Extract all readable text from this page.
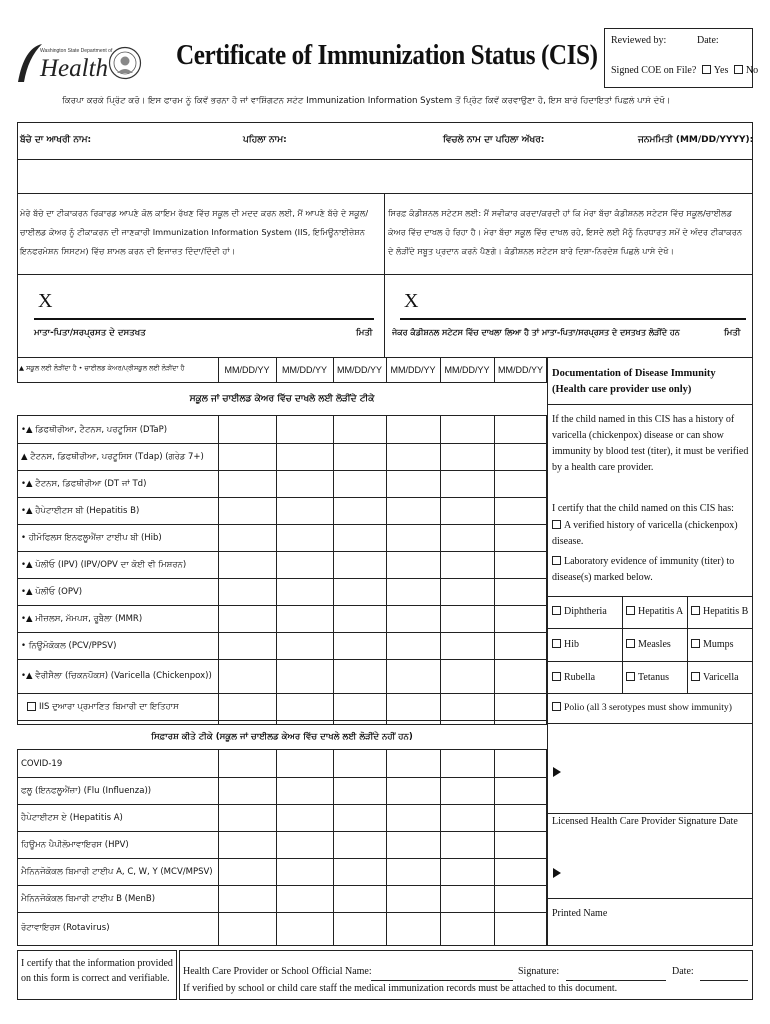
Washington State Department of
Health Certificate of Immunization Status (CIS) Reviewed by:	Date:
Signed COE on File? Yes No
ਕਿਰਪਾ ਕਰਕੇ ਪ੍ਰਿੰਟ ਕਰੋ। ਇਸ ਫਾਰਮ ਨੂੰ ਕਿਵੇਂ ਭਰਨਾ ਹੈ ਜਾਂ ਵਾਸ਼ਿੰਗਟਨ ਸਟੇਟ Immunization Information System ਤੋਂ ਪ੍ਰਿੰਟ ਕਿਵੇਂ ਕਰਵਾਉਣਾ ਹੈ, ਇਸ ਬਾਰੇ ਹਿਦਾਇਤਾਂ ਪਿਛਲੇ ਪਾਸੇ ਦੇਖੋ।
ਬੱਚੇ ਦਾ ਆਖਰੀ ਨਾਮ:	ਪਹਿਲਾ ਨਾਮ:	ਵਿਚਲੇ ਨਾਮ ਦਾ ਪਹਿਲਾ ਅੱਖਰ:	ਜਨਮਮਿਤੀ (MM/DD/YYYY):
ਮੇਰੇ ਬੱਚੇ ਦਾ ਟੀਕਾਕਰਨ ਰਿਕਾਰਡ ਆਪਣੇ ਕੋਲ ਕਾਇਮ ਰੱਖਣ ਵਿੱਚ ਸਕੂਲ ਦੀ ਮਦਦ ਕਰਨ ਲਈ, ਮੈਂ ਆਪਣੇ ਬੱਚੇ ਦੇ ਸਕੂਲ/ਚਾਈਲਡ ਕੇਅਰ ਨੂੰ ਟੀਕਾਕਰਨ ਦੀ ਜਾਣਕਾਰੀ Immunization Information System (IIS, ਇਮਿਊਨਾਈਜ਼ੇਸ਼ਨ ਇਨਫਰਮੇਸ਼ਨ ਸਿਸਟਮ) ਵਿੱਚ ਸ਼ਾਮਲ ਕਰਨ ਦੀ ਇਜਾਜ਼ਤ ਦਿੰਦਾ/ਦਿੰਦੀ ਹਾਂ।
ਸਿਰਫ਼ ਕੰਡੀਸ਼ਨਲ ਸਟੇਟਸ ਲਈ: ਮੈਂ ਸਵੀਕਾਰ ਕਰਦਾ/ਕਰਦੀ ਹਾਂ ਕਿ ਮੇਰਾ ਬੱਚਾ ਕੰਡੀਸ਼ਨਲ ਸਟੇਟਸ ਵਿੱਚ ਸਕੂਲ/ਚਾਈਲਡ ਕੇਅਰ ਵਿੱਚ ਦਾਖਲ ਹੋ ਰਿਹਾ ਹੈ। ਮੇਰਾ ਬੱਚਾ ਸਕੂਲ ਵਿੱਚ ਦਾਖਲ ਰਹੇ, ਇਸਦੇ ਲਈ ਮੈਨੂੰ ਨਿਰਧਾਰਤ ਸਮੇਂ ਦੇ ਅੰਦਰ ਟੀਕਾਕਰਨ ਦੇ ਲੋੜੀਂਦੇ ਸਬੂਤ ਪ੍ਰਦਾਨ ਕਰਨੇ ਪੈਣਗੇ। ਕੰਡੀਸ਼ਨਲ ਸਟੇਟਸ ਬਾਰੇ ਦਿਸ਼ਾ-ਨਿਰਦੇਸ਼ ਪਿਛਲੇ ਪਾਸੇ ਦੇਖੋ।
X
ਮਾਤਾ-ਪਿਤਾ/ਸਰਪ੍ਰਸਤ ਦੇ ਦਸਤਖਤ	ਮਿਤੀ
X
ਜੇਕਰ ਕੰਡੀਸ਼ਨਲ ਸਟੇਟਸ ਵਿੱਚ ਦਾਖਲਾ ਲਿਆ ਹੈ ਤਾਂ ਮਾਤਾ-ਪਿਤਾ/ਸਰਪ੍ਰਸਤ ਦੇ ਦਸਤਖਤ ਲੋੜੀਂਦੇ ਹਨ	ਮਿਤੀ
▲ ਸਕੂਲ ਲਈ ਲੋੜੀਂਦਾ ਹੈ • ਚਾਈਲਡ ਕੇਅਰ/ਪ੍ਰੀਸਕੂਲ ਲਈ ਲੋੜੀਂਦਾ ਹੈ	MM/DD/YY	MM/DD/YY	MM/DD/YY MM/DD/YY	MM/DD/YY MM/DD/YY
ਸਕੂਲ ਜਾਂ ਚਾਈਲਡ ਕੇਅਰ ਵਿੱਚ ਦਾਖਲੇ ਲਈ ਲੋੜੀਂਦੇ ਟੀਕੇ
•▲ ਡਿਫਥੀਰੀਆ, ਟੈਟਨਸ, ਪਰਟੂਸਿਸ (DTaP)
▲ ਟੈਟਨਸ, ਡਿਫਥੀਰੀਆ, ਪਰਟੂਸਿਸ (Tdap) (ਗਰੇਡ 7+)
•▲ ਟੈਟਨਸ, ਡਿਫਥੀਰੀਆ (DT ਜਾਂ Td)
•▲ ਹੈਪੇਟਾਈਟਸ ਬੀ (Hepatitis B)
• ਹੀਮੋਫਿਲਸ ਇਨਫਲੂਐਂਜ਼ਾ ਟਾਈਪ ਬੀ (Hib)
•▲ ਪੋਲੀਓ (IPV) (IPV/OPV ਦਾ ਕੋਈ ਵੀ ਮਿਸ਼ਰਨ)
•▲ ਪੋਲੀਓ (OPV)
•▲ ਮੀਜ਼ਲਸ, ਮੱਮਪਸ, ਰੂਬੈਲਾ (MMR)
• ਨਿਊਮੋਕੋਕਲ (PCV/PPSV)
•▲ ਵੈਰੀਸੈਲਾ (ਚਿਕਨਪੌਕਸ) (Varicella (Chickenpox))
IIS ਦੁਆਰਾ ਪ੍ਰਮਾਣਿਤ ਬਿਮਾਰੀ ਦਾ ਇਤਿਹਾਸ
ਸਿਫ਼ਾਰਸ਼ ਕੀਤੇ ਟੀਕੇ (ਸਕੂਲ ਜਾਂ ਚਾਈਲਡ ਕੇਅਰ ਵਿੱਚ ਦਾਖਲੇ ਲਈ ਲੋੜੀਂਦੇ ਨਹੀਂ ਹਨ)
COVID-19
ਫਲੂ (ਇਨਫਲੂਐਂਜ਼ਾ) (Flu (Influenza))
ਹੈਪੇਟਾਈਟਸ ਏ (Hepatitis A)
ਹਿਊਮਨ ਪੈਪੀਲੋਮਾਵਾਇਰਸ (HPV)
ਮੈਨਿਨਜੋਕੋਕਲ ਬਿਮਾਰੀ ਟਾਈਪ A, C, W, Y (MCV/MPSV)
ਮੈਨਿਨਜੋਕੋਕਲ ਬਿਮਾਰੀ ਟਾਈਪ B (MenB)
ਰੋਟਾਵਾਇਰਸ (Rotavirus)
Documentation of Disease Immunity (Health care provider use only)
If the child named in this CIS has a history of varicella (chickenpox) disease or can show immunity by blood test (titer), it must be verified by a health care provider.
I certify that the child named on this CIS has:
A verified history of varicella (chickenpox) disease.
Laboratory evidence of immunity (titer) to disease(s) marked below.
Diphtheria	Hepatitis A	Hepatitis B
Hib	Measles	Mumps
Rubella	Tetanus	Varicella
Polio (all 3 serotypes must show immunity)
Licensed Health Care Provider Signature Date
Printed Name
I certify that the information provided on this form is correct and verifiable.
Health Care Provider or School Official Name:	Signature:	Date:
If verified by school or child care staff the medical immunization records must be attached to this document.
